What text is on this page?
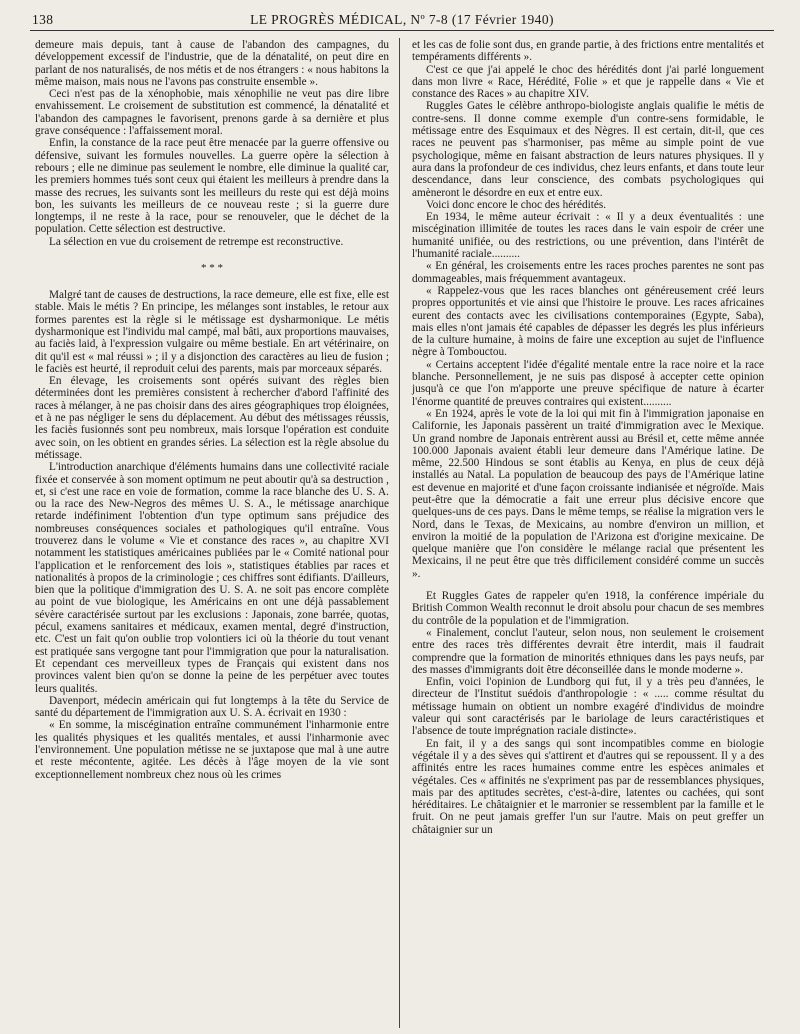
138	LE PROGRÈS MÉDICAL, Nº 7-8 (17 Février 1940)

demeure mais depuis, tant à cause de l'abandon des campagnes, du développement excessif de l'industrie, que de la dénatalité, on peut dire en parlant de nos naturalisés, de nos métis et de nos étrangers : « nous habitons la même maison, mais nous ne l'avons pas construite ensemble ».

Ceci n'est pas de la xénophobie, mais xénophilie ne veut pas dire libre envahissement. Le croisement de substitution est commencé, la dénatalité et l'abandon des campagnes le favorisent, prenons garde à sa dernière et plus grave conséquence : l'affaissement moral.

Enfin, la constance de la race peut être menacée par la guerre offensive ou défensive, suivant les formules nouvelles. La guerre opère la sélection à rebours ; elle ne diminue pas seulement le nombre, elle diminue la qualité car, les premiers hommes tués sont ceux qui étaient les meilleurs à prendre dans la masse des recrues, les suivants sont les meilleurs du reste qui est déjà moins bon, les suivants les meilleurs de ce nouveau reste ; si la guerre dure longtemps, il ne reste à la race, pour se renouveler, que le déchet de la population. Cette sélection est destructive.

La sélection en vue du croisement de retrempe est reconstructive.

* * *

Malgré tant de causes de destructions, la race demeure, elle est fixe, elle est stable. Mais le métis ? En principe, les mélanges sont instables, le retour aux formes parentes est la règle si le métissage est dysharmonique. Le métis dysharmonique est l'individu mal campé, mal bâti, aux proportions mauvaises, au faciès laid, à l'expression vulgaire ou même bestiale. En art vétérinaire, on dit qu'il est « mal réussi » ; il y a disjonction des caractères au lieu de fusion ; le faciès est heurté, il reproduit celui des parents, mais par morceaux séparés.

En élevage, les croisements sont opérés suivant des règles bien déterminées dont les premières consistent à rechercher d'abord l'affinité des races à mélanger, à ne pas choisir dans des aires géographiques trop éloignées, et à ne pas négliger le sens du déplacement. Au début des métissages réussis, les faciès fusionnés sont peu nombreux, mais lorsque l'opération est conduite avec soin, on les obtient en grandes séries. La sélection est la règle absolue du métissage.

L'introduction anarchique d'éléments humains dans une collectivité raciale fixée et conservée à son moment optimum ne peut aboutir qu'à sa destruction , et, si c'est une race en voie de formation, comme la race blanche des U. S. A. ou la race des New-Negros des mêmes U. S. A., le métissage anarchique retarde indéfiniment l'obtention d'un type optimum sans préjudice des nombreuses conséquences sociales et pathologiques qu'il entraîne. Vous trouverez dans le volume « Vie et constance des races », au chapitre XVI notamment les statistiques américaines publiées par le « Comité national pour l'application et le renforcement des lois », statistiques établies par races et nationalités à propos de la criminologie ; ces chiffres sont édifiants. D'ailleurs, bien que la politique d'immigration des U. S. A. ne soit pas encore complète au point de vue biologique, les Américains en ont une déjà passablement sévère caractérisée surtout par les exclusions : Japonais, zone barrée, quotas, pécul, examens sanitaires et médicaux, examen mental, degré d'instruction, etc. C'est un fait qu'on oublie trop volontiers ici où la théorie du tout venant est pratiquée sans vergogne tant pour l'immigration que pour la naturalisation. Et cependant ces merveilleux types de Français qui existent dans nos provinces valent bien qu'on se donne la peine de les perpétuer avec toutes leurs qualités.

Davenport, médecin américain qui fut longtemps à la tête du Service de santé du département de l'immigration aux U. S. A. écrivait en 1930 :

« En somme, la miscégination entraîne communément l'inharmonie entre les qualités physiques et les qualités mentales, et aussi l'inharmonie avec l'environnement. Une population métisse ne se juxtapose que mal à une autre et reste mécontente, agitée. Les décès à l'âge moyen de la vie sont exceptionnellement nombreux chez nous où les crimes

et les cas de folie sont dus, en grande partie, à des frictions entre mentalités et tempéraments différents ».

C'est ce que j'ai appelé le choc des hérédités dont j'ai parlé longuement dans mon livre « Race, Hérédité, Folie » et que je rappelle dans « Vie et constance des Races » au chapitre XIV.

Ruggles Gates le célèbre anthropo-biologiste anglais qualifie le métis de contre-sens. Il donne comme exemple d'un contre-sens formidable, le métissage entre des Esquimaux et des Nègres. Il est certain, dit-il, que ces races ne peuvent pas s'harmoniser, pas même au simple point de vue psychologique, même en faisant abstraction de leurs natures physiques. Il y aura dans la profondeur de ces individus, chez leurs enfants, et dans toute leur descendance, dans leur conscience, des combats psychologiques qui amèneront le désordre en eux et entre eux.

Voici donc encore le choc des hérédités.

En 1934, le même auteur écrivait : « Il y a deux éventualités : une miscégination illimitée de toutes les races dans le vain espoir de créer une humanité unifiée, ou des restrictions, ou une prévention, dans l'intérêt de l'humanité raciale..........

« En général, les croisements entre les races proches parentes ne sont pas dommageables, mais fréquemment avantageux.

« Rappelez-vous que les races blanches ont généreusement créé leurs propres opportunités et vie ainsi que l'histoire le prouve. Les races africaines eurent des contacts avec les civilisations contemporaines (Egypte, Saba), mais elles n'ont jamais été capables de dépasser les degrés les plus inférieurs de la culture humaine, à moins de faire une exception au sujet de l'influence nègre à Tombouctou.

« Certains acceptent l'idée d'égalité mentale entre la race noire et la race blanche. Personnellement, je ne suis pas disposé à accepter cette opinion jusqu'à ce que l'on m'apporte une preuve spécifique de nature à écarter l'énorme quantité de preuves contraires qui existent..........

« En 1924, après le vote de la loi qui mit fin à l'immigration japonaise en Californie, les Japonais passèrent un traité d'immigration avec le Mexique. Un grand nombre de Japonais entrèrent aussi au Brésil et, cette même année 100.000 Japonais avaient établi leur demeure dans l'Amérique latine. De même, 22.500 Hindous se sont établis au Kenya, en plus de ceux déjà installés au Natal. La population de beaucoup des pays de l'Amérique latine est devenue en majorité et d'une façon croissante indianisée et négroïde. Mais peut-être que la démocratie a fait une erreur plus décisive encore que quelques-uns de ces pays. Dans le même temps, se réalise la migration vers le Nord, dans le Texas, de Mexicains, au nombre d'environ un million, et environ la moitié de la population de l'Arizona est d'origine mexicaine. De quelque manière que l'on considère le mélange racial que présentent les Mexicains, il ne peut être que très difficilement considéré comme un succès ».

Et Ruggles Gates de rappeler qu'en 1918, la conférence impériale du British Common Wealth reconnut le droit absolu pour chacun de ses membres du contrôle de la population et de l'immigration.

« Finalement, conclut l'auteur, selon nous, non seulement le croisement entre des races très différentes devrait être interdit, mais il faudrait comprendre que la formation de minorités ethniques dans les pays neufs, par des masses d'immigrants doit être déconseillée dans le monde moderne ».

Enfin, voici l'opinion de Lundborg qui fut, il y a très peu d'années, le directeur de l'Institut suédois d'anthropologie : « ..... comme résultat du métissage humain on obtient un nombre exagéré d'individus de moindre valeur qui sont caractérisés par le bariolage de leurs caractéristiques et l'absence de toute imprégnation raciale distincte».

En fait, il y a des sangs qui sont incompatibles comme en biologie végétale il y a des sèves qui s'attirent et d'autres qui se repoussent. Il y a des affinités entre les races humaines comme entre les espèces animales et végétales. Ces « affinités ne s'expriment pas par de ressemblances physiques, mais par des aptitudes secrètes, c'est-à-dire, latentes ou cachées, qui sont héréditaires. Le châtaignier et le marronier se ressemblent par la famille et le fruit. On ne peut jamais greffer l'un sur l'autre. Mais on peut greffer un châtaignier sur un
